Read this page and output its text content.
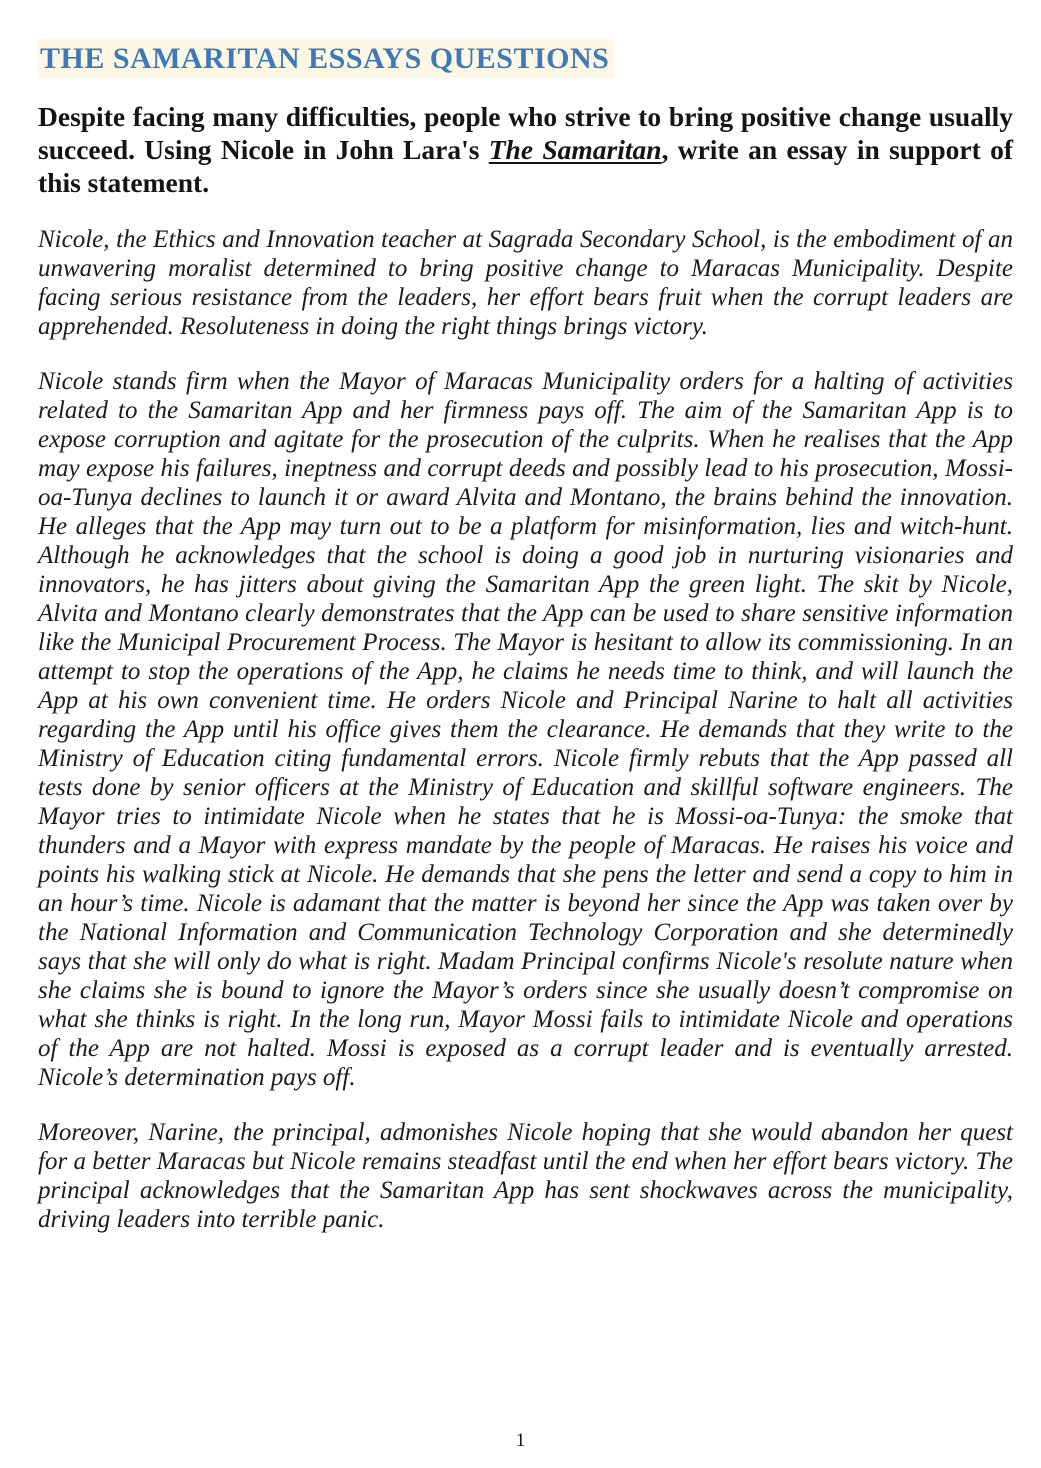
THE SAMARITAN ESSAYS QUESTIONS

Despite facing many difficulties, people who strive to bring positive change usually succeed. Using Nicole in John Lara's The Samaritan, write an essay in support of this statement.

Nicole, the Ethics and Innovation teacher at Sagrada Secondary School, is the embodiment of an unwavering moralist determined to bring positive change to Maracas Municipality. Despite facing serious resistance from the leaders, her effort bears fruit when the corrupt leaders are apprehended. Resoluteness in doing the right things brings victory.

Nicole stands firm when the Mayor of Maracas Municipality orders for a halting of activities related to the Samaritan App and her firmness pays off. The aim of the Samaritan App is to expose corruption and agitate for the prosecution of the culprits. When he realises that the App may expose his failures, ineptness and corrupt deeds and possibly lead to his prosecution, Mossi-oa-Tunya declines to launch it or award Alvita and Montano, the brains behind the innovation. He alleges that the App may turn out to be a platform for misinformation, lies and witch-hunt. Although he acknowledges that the school is doing a good job in nurturing visionaries and innovators, he has jitters about giving the Samaritan App the green light. The skit by Nicole, Alvita and Montano clearly demonstrates that the App can be used to share sensitive information like the Municipal Procurement Process. The Mayor is hesitant to allow its commissioning. In an attempt to stop the operations of the App, he claims he needs time to think, and will launch the App at his own convenient time. He orders Nicole and Principal Narine to halt all activities regarding the App until his office gives them the clearance. He demands that they write to the Ministry of Education citing fundamental errors. Nicole firmly rebuts that the App passed all tests done by senior officers at the Ministry of Education and skillful software engineers. The Mayor tries to intimidate Nicole when he states that he is Mossi-oa-Tunya: the smoke that thunders and a Mayor with express mandate by the people of Maracas. He raises his voice and points his walking stick at Nicole. He demands that she pens the letter and send a copy to him in an hour’s time. Nicole is adamant that the matter is beyond her since the App was taken over by the National Information and Communication Technology Corporation and she determinedly says that she will only do what is right. Madam Principal confirms Nicole's resolute nature when she claims she is bound to ignore the Mayor’s orders since she usually doesn’t compromise on what she thinks is right. In the long run, Mayor Mossi fails to intimidate Nicole and operations of the App are not halted. Mossi is exposed as a corrupt leader and is eventually arrested. Nicole’s determination pays off.

Moreover, Narine, the principal, admonishes Nicole hoping that she would abandon her quest for a better Maracas but Nicole remains steadfast until the end when her effort bears victory. The principal acknowledges that the Samaritan App has sent shockwaves across the municipality, driving leaders into terrible panic.

1
